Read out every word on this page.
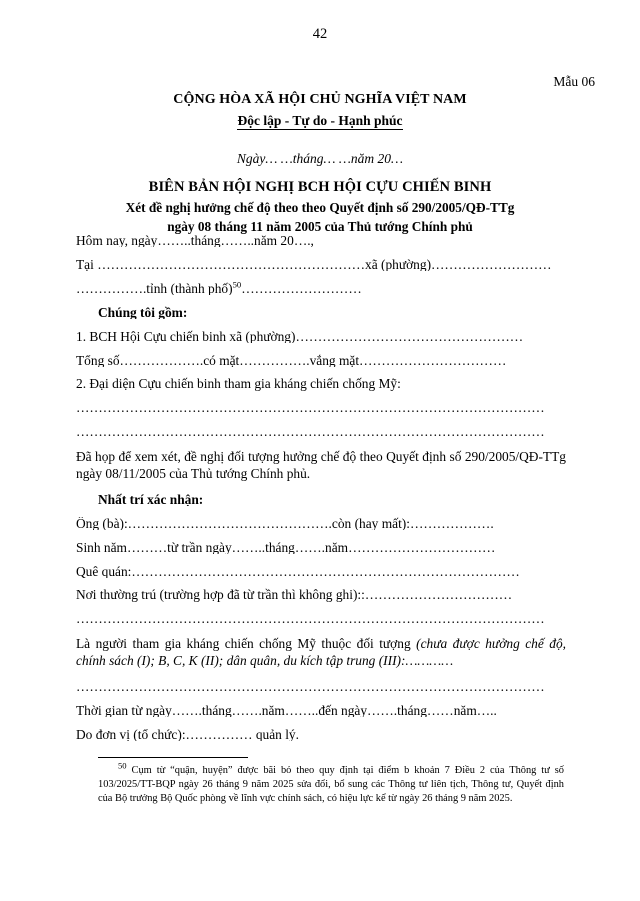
42
Mẫu 06
CỘNG HÒA XÃ HỘI CHỦ NGHĨA VIỆT NAM
Độc lập - Tự do - Hạnh phúc
Ngày… …tháng… …năm 20…
BIÊN BẢN HỘI NGHỊ BCH HỘI CỰU CHIẾN BINH
Xét đề nghị hưởng chế độ theo theo Quyết định số 290/2005/QĐ-TTg
ngày 08 tháng 11 năm 2005 của Thủ tướng Chính phủ
Hôm nay, ngày……..tháng……..năm 20….,
Tại ……………………………………………………xã (phường)………………………
…………….tỉnh (thành phố)$^{50}$………………………
Chúng tôi gồm:
1. BCH Hội Cựu chiến binh xã (phường)……………………………………………
Tổng số……………….có mặt…………….vắng mặt……………………………
2. Đại diện Cựu chiến binh tham gia kháng chiến chống Mỹ:
……………………………………………………………………………………………
……………………………………………………………………………………………
Đã họp để xem xét, đề nghị đối tượng hưởng chế độ theo Quyết định số 290/2005/QĐ-TTg ngày 08/11/2005 của Thủ tướng Chính phủ.
Nhất trí xác nhận:
Ông (bà):……………………………………….còn (hay mất):……………….
Sinh năm………từ trần ngày……..tháng…….năm……………………………
Quê quán:……………………………………………………………………………
Nơi thường trú (trường hợp đã từ trần thì không ghi)::……………………………
……………………………………………………………………………………………
Là người tham gia kháng chiến chống Mỹ thuộc đối tượng (chưa được hưởng chế độ, chính sách (I); B, C, K (II); dân quân, du kích tập trung (III):…………
……………………………………………………………………………………………
Thời gian từ ngày…….tháng…….năm……..đến ngày…….tháng……năm…..
Do đơn vị (tổ chức):…………… quản lý.
$^{50}$ Cụm từ “quận, huyện” được bãi bỏ theo quy định tại điểm b khoản 7 Điều 2 của Thông tư số 103/2025/TT-BQP ngày 26 tháng 9 năm 2025 sửa đổi, bổ sung các Thông tư liên tịch, Thông tư, Quyết định của Bộ trưởng Bộ Quốc phòng về lĩnh vực chính sách, có hiệu lực kể từ ngày 26 tháng 9 năm 2025.
